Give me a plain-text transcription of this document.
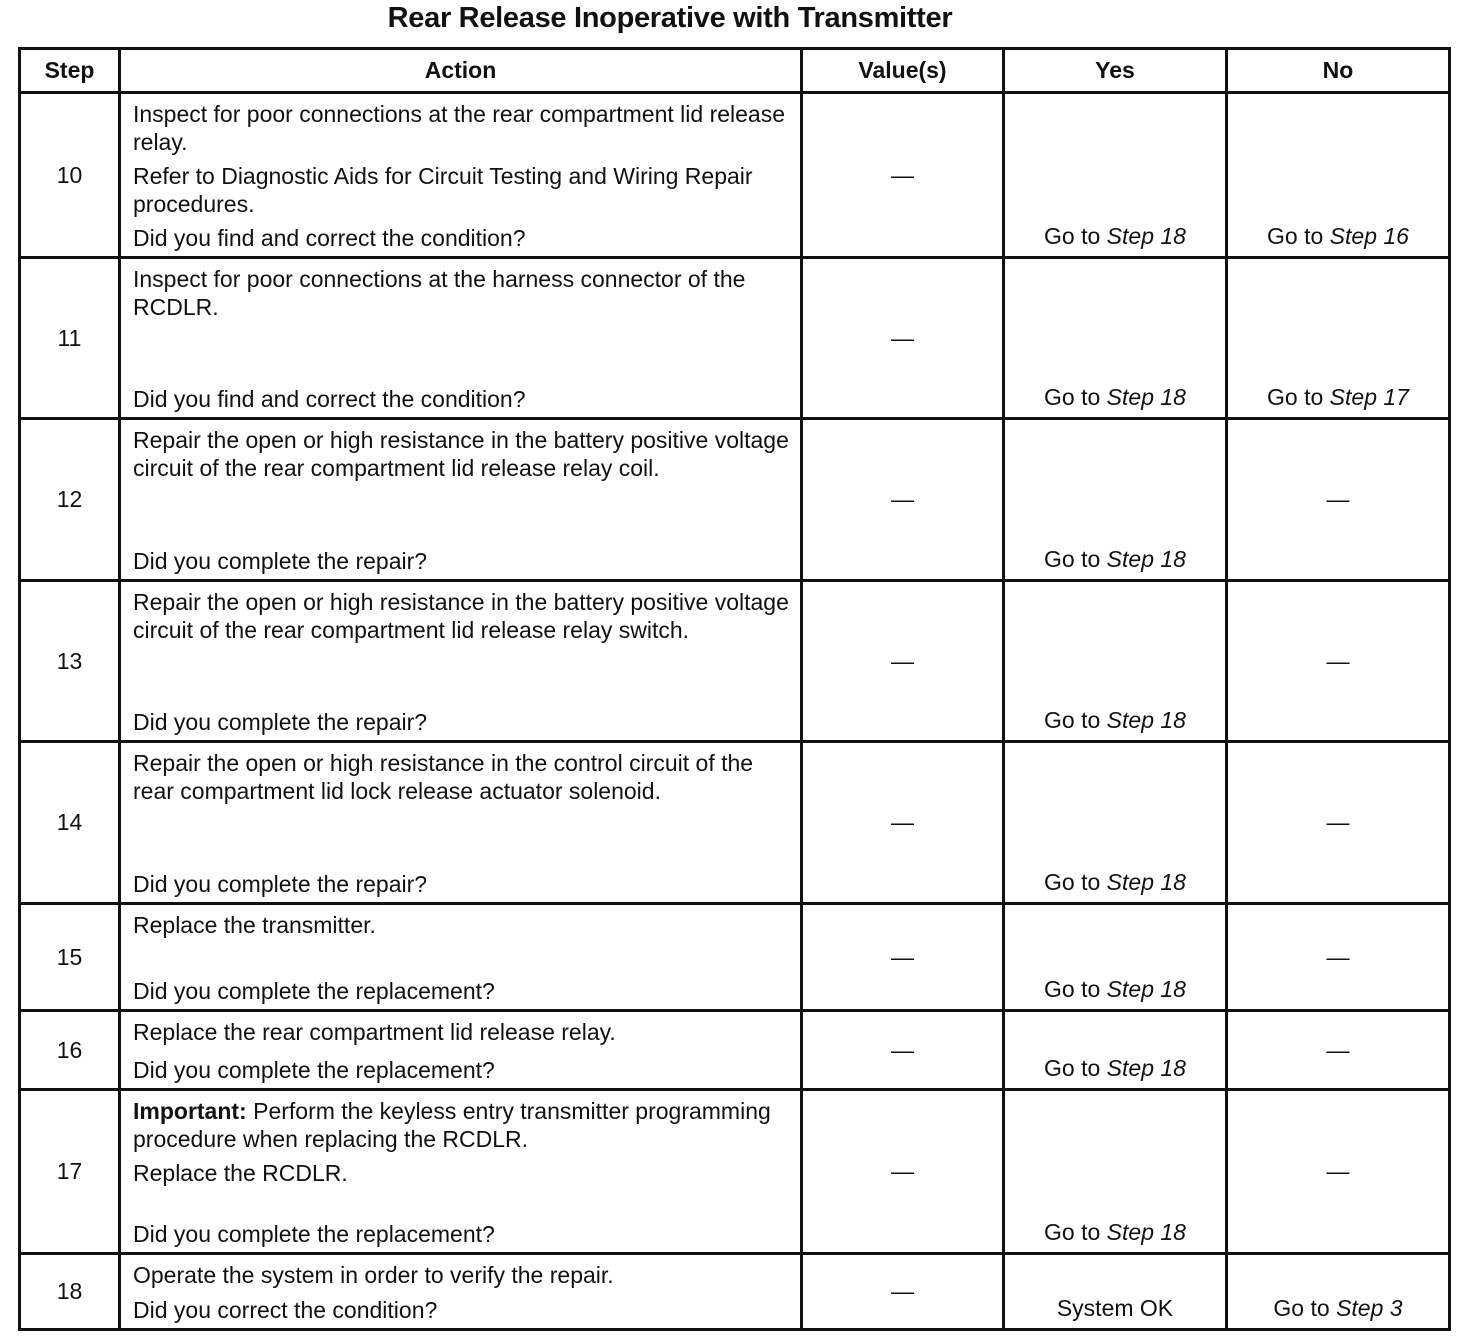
Rear Release Inoperative with Transmitter
Step	Action	Value(s)	Yes	No
10	Inspect for poor connections at the rear compartment lid release relay.
Refer to Diagnostic Aids for Circuit Testing and Wiring Repair procedures.
Did you find and correct the condition?	—	Go to Step 18	Go to Step 16
11	Inspect for poor connections at the harness connector of the RCDLR.
Did you find and correct the condition?	—	Go to Step 18	Go to Step 17
12	Repair the open or high resistance in the battery positive voltage circuit of the rear compartment lid release relay coil.
Did you complete the repair?	—	Go to Step 18	—
13	Repair the open or high resistance in the battery positive voltage circuit of the rear compartment lid release relay switch.
Did you complete the repair?	—	Go to Step 18	—
14	Repair the open or high resistance in the control circuit of the rear compartment lid lock release actuator solenoid.
Did you complete the repair?	—	Go to Step 18	—
15	Replace the transmitter.
Did you complete the replacement?	—	Go to Step 18	—
16	Replace the rear compartment lid release relay.
Did you complete the replacement?	—	Go to Step 18	—
17	Important: Perform the keyless entry transmitter programming procedure when replacing the RCDLR.
Replace the RCDLR.
Did you complete the replacement?	—	Go to Step 18	—
18	Operate the system in order to verify the repair.
Did you correct the condition?	—	System OK	Go to Step 3
